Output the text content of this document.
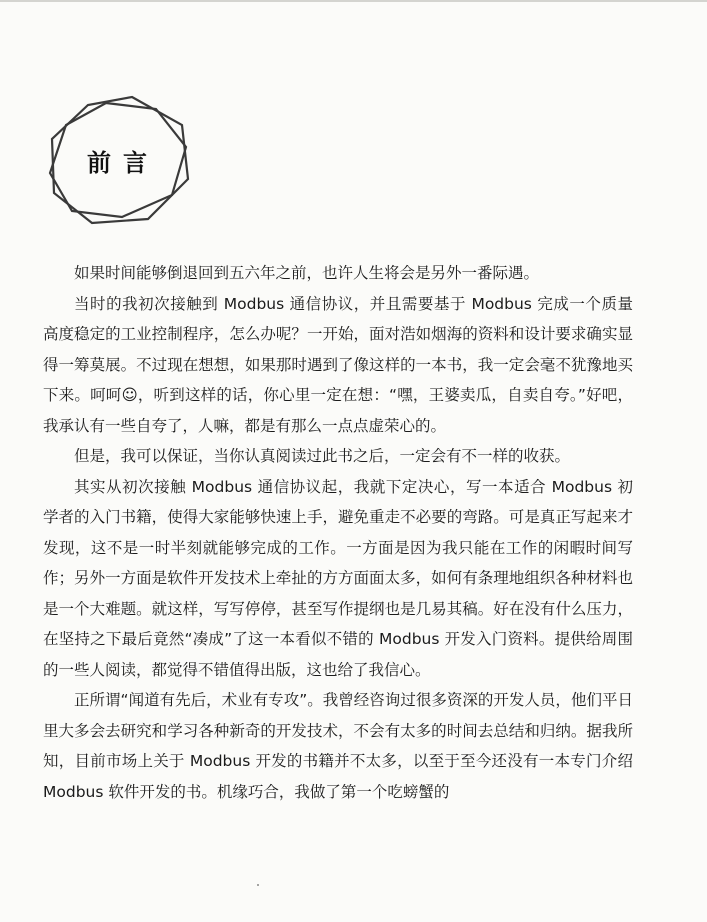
前言

如果时间能够倒退回到五六年之前，也许人生将会是另外一番际遇。

当时的我初次接触到 Modbus 通信协议，并且需要基于 Modbus 完成一个质量高度稳定的工业控制程序，怎么办呢？一开始，面对浩如烟海的资料和设计要求确实显得一筹莫展。不过现在想想，如果那时遇到了像这样的一本书，我一定会毫不犹豫地买下来。呵呵☺，听到这样的话，你心里一定在想：“嘿，王婆卖瓜，自卖自夸。”好吧，我承认有一些自夸了，人嘛，都是有那么一点点虚荣心的。

但是，我可以保证，当你认真阅读过此书之后，一定会有不一样的收获。

其实从初次接触 Modbus 通信协议起，我就下定决心，写一本适合 Modbus 初学者的入门书籍，使得大家能够快速上手，避免重走不必要的弯路。可是真正写起来才发现，这不是一时半刻就能够完成的工作。一方面是因为我只能在工作的闲暇时间写作；另外一方面是软件开发技术上牵扯的方方面面太多，如何有条理地组织各种材料也是一个大难题。就这样，写写停停，甚至写作提纲也是几易其稿。好在没有什么压力，在坚持之下最后竟然“凑成”了这一本看似不错的 Modbus 开发入门资料。提供给周围的一些人阅读，都觉得不错值得出版，这也给了我信心。

正所谓“闻道有先后，术业有专攻”。我曾经咨询过很多资深的开发人员，他们平日里大多会去研究和学习各种新奇的开发技术，不会有太多的时间去总结和归纳。据我所知，目前市场上关于 Modbus 开发的书籍并不太多，以至于至今还没有一本专门介绍 Modbus 软件开发的书。机缘巧合，我做了第一个吃螃蟹的
